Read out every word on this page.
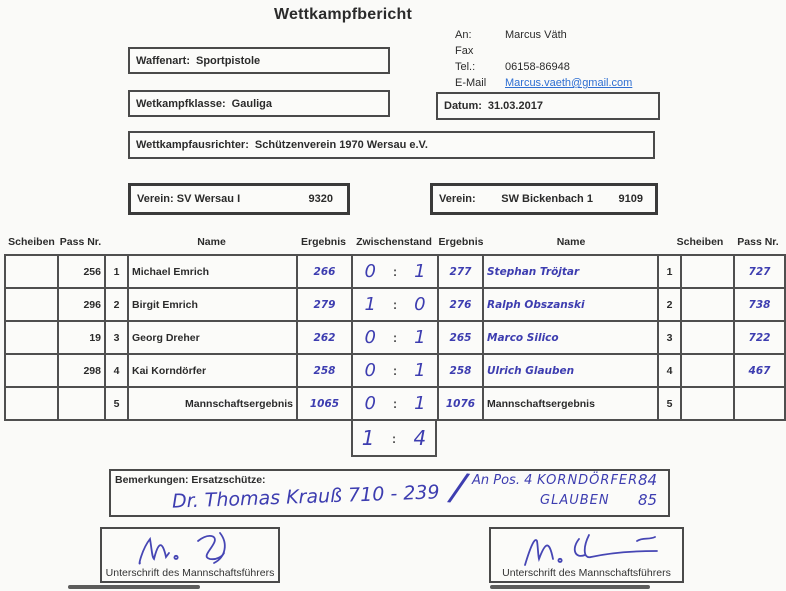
Wettkampfbericht
Waffenart: Sportpistole
Wetkampfklasse: Gauliga
Wettkampfausrichter: Schützenverein 1970 Wersau e.V.
An:	Marcus Väth
Fax
Tel.:	06158-86948
E-Mail	Marcus.vaeth@gmail.com
Datum: 31.03.2017
Verein: SV Wersau I	9320	Verein: SW Bickenbach 1 9109
Scheiben Pass Nr.	Name	Ergebnis Zwischenstand Ergebnis	Name	Scheiben	Pass Nr.
	256	1	Michael Emrich	266	0 : 1	277	Stephan Tröjtar	1		727
	296	2	Birgit Emrich	279	1 : 0	276	Ralph Obszanski	2		738
	19	3	Georg Dreher	262	0 : 1	265	Marco Silico	3		722
	298	4	Kai Korndörfer	258	0 : 1	258	Ulrich Glauben	4		467
		5	Mannschaftsergebnis	1065	0 : 1	1076	Mannschaftsergebnis	5		
1 : 4
Bemerkungen: Ersatzschütze:
Dr. Thomas Krauß 710 - 239 / An Pos. 4 KORNDÖRFER 84
GLAUBEN 85
Unterschrift des Mannschaftsführers	Unterschrift des Mannschaftsführers
